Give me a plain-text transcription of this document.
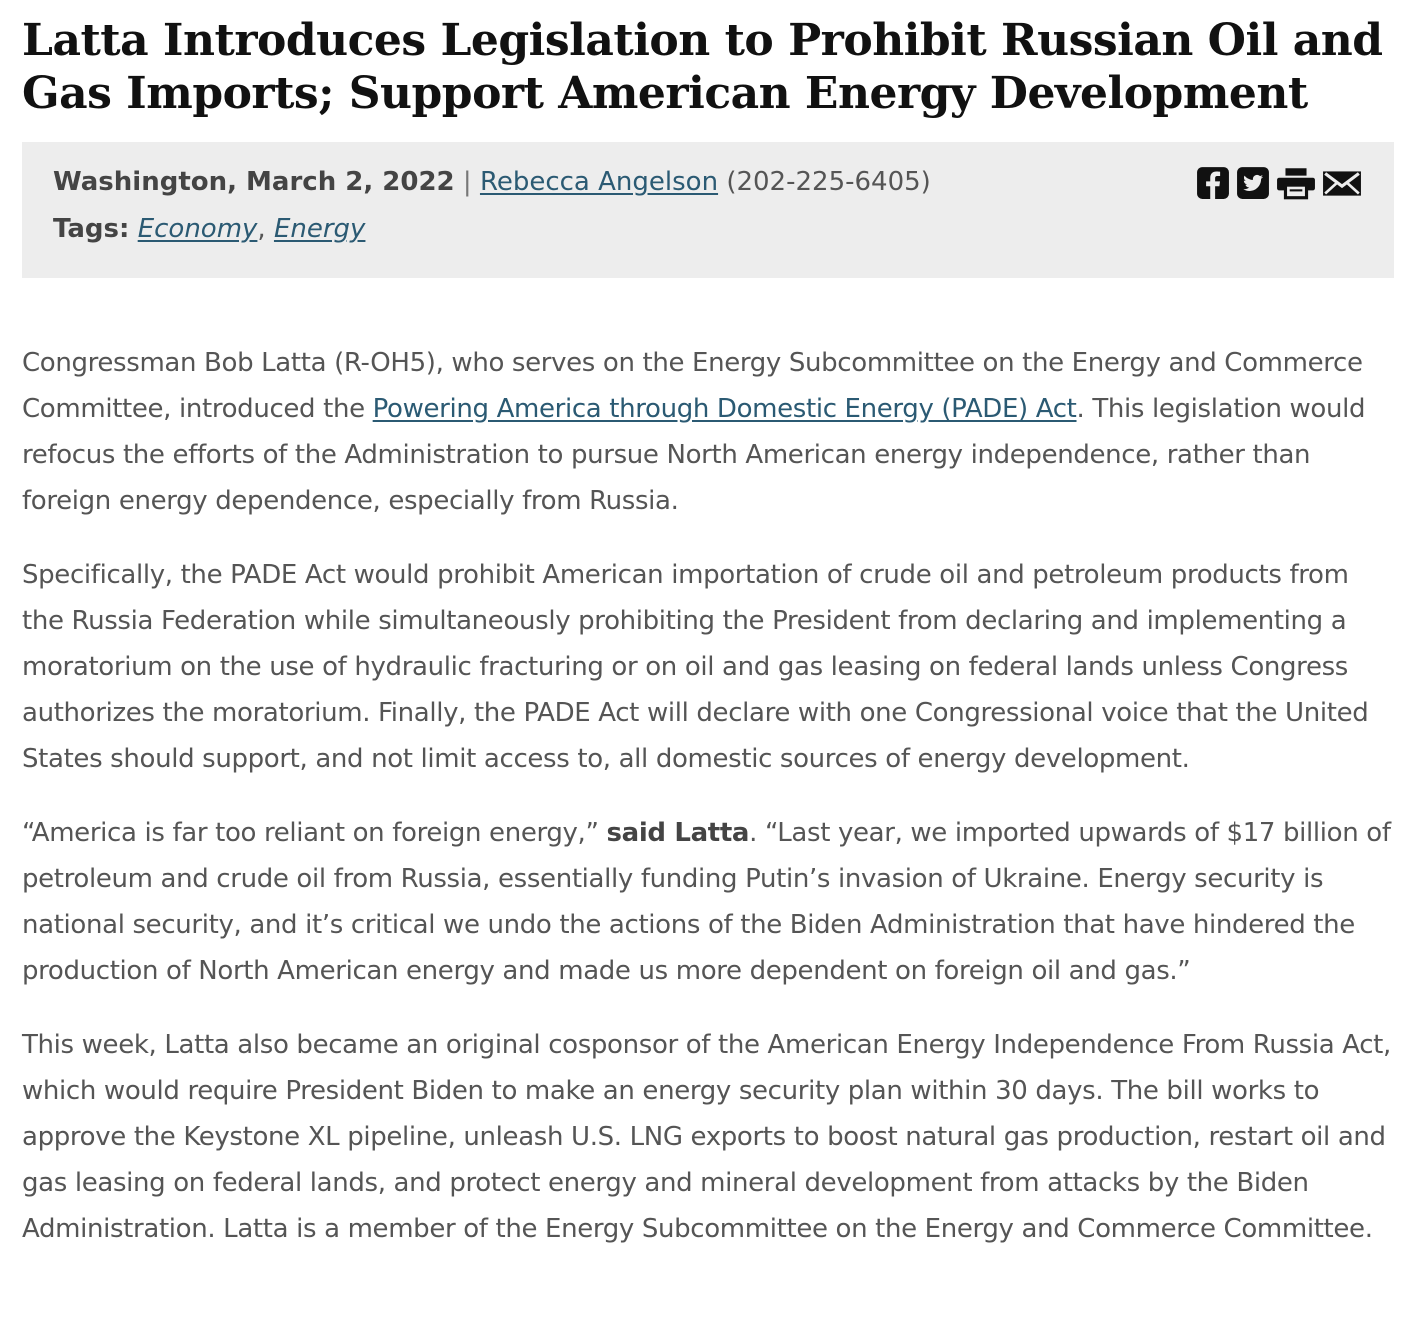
Latta Introduces Legislation to Prohibit Russian Oil and Gas Imports; Support American Energy Development
Washington, March 2, 2022 | Rebecca Angelson (202-225-6405)
Tags: Economy, Energy

Congressman Bob Latta (R-OH5), who serves on the Energy Subcommittee on the Energy and Commerce Committee, introduced the Powering America through Domestic Energy (PADE) Act. This legislation would refocus the efforts of the Administration to pursue North American energy independence, rather than foreign energy dependence, especially from Russia.

Specifically, the PADE Act would prohibit American importation of crude oil and petroleum products from the Russia Federation while simultaneously prohibiting the President from declaring and implementing a moratorium on the use of hydraulic fracturing or on oil and gas leasing on federal lands unless Congress authorizes the moratorium. Finally, the PADE Act will declare with one Congressional voice that the United States should support, and not limit access to, all domestic sources of energy development.

“America is far too reliant on foreign energy,” said Latta. “Last year, we imported upwards of $17 billion of petroleum and crude oil from Russia, essentially funding Putin’s invasion of Ukraine. Energy security is national security, and it’s critical we undo the actions of the Biden Administration that have hindered the production of North American energy and made us more dependent on foreign oil and gas.”

This week, Latta also became an original cosponsor of the American Energy Independence From Russia Act, which would require President Biden to make an energy security plan within 30 days. The bill works to approve the Keystone XL pipeline, unleash U.S. LNG exports to boost natural gas production, restart oil and gas leasing on federal lands, and protect energy and mineral development from attacks by the Biden Administration. Latta is a member of the Energy Subcommittee on the Energy and Commerce Committee.
